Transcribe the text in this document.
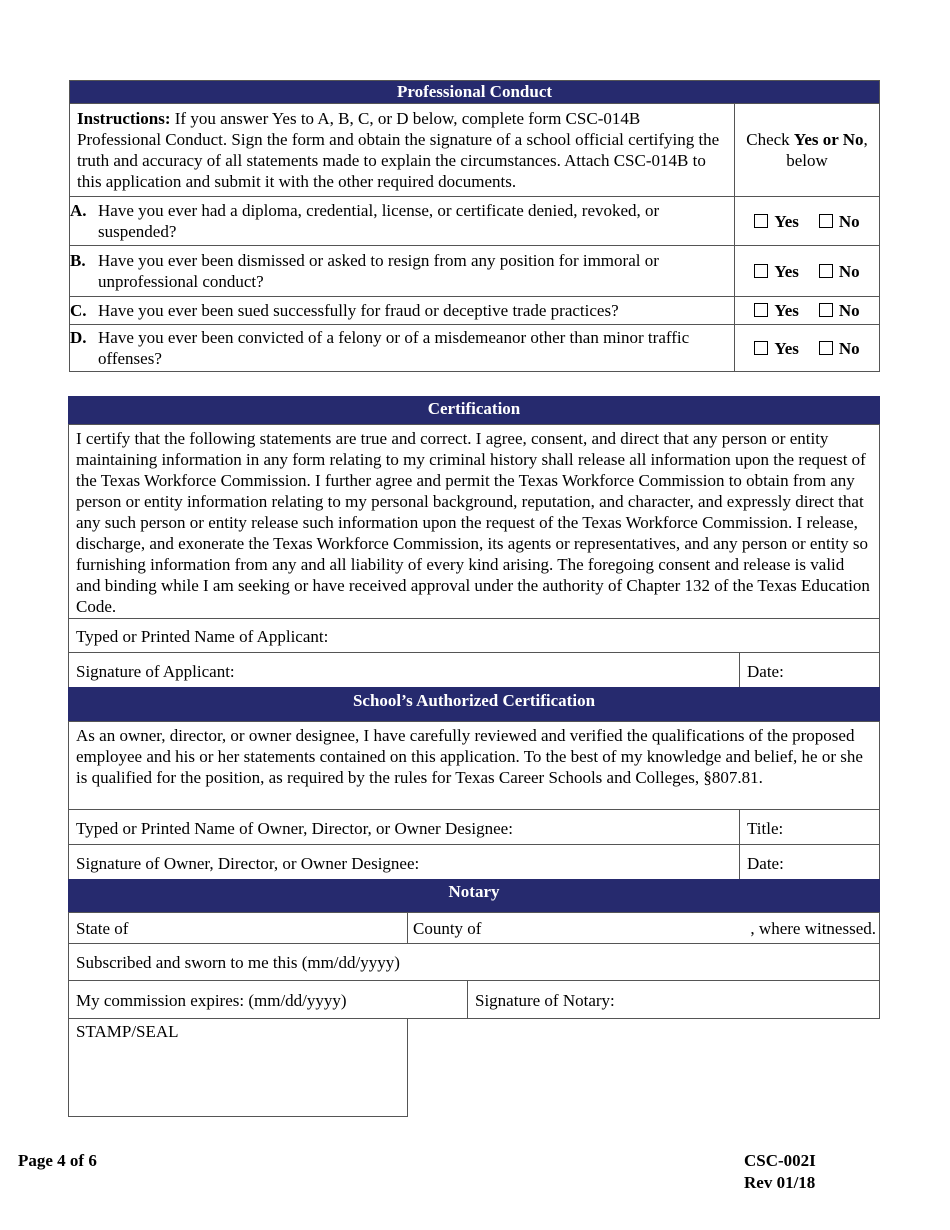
Professional Conduct	
Instructions: If you answer Yes to A, B, C, or D below, complete form CSC-014B Professional Conduct. Sign the form and obtain the signature of a school official certifying the truth and accuracy of all statements made to explain the circumstances. Attach CSC-014B to this application and submit it with the other required documents.	Check Yes or No, below

A. Have you ever had a diploma, credential, license, or certificate denied, revoked, or suspended?	Yes No

B. Have you ever been dismissed or asked to resign from any position for immoral or unprofessional conduct?	Yes No

C. Have you ever been sued successfully for fraud or deceptive trade practices?	Yes No

D. Have you ever been convicted of a felony or of a misdemeanor other than minor traffic offenses?	Yes No
Certification
I certify that the following statements are true and correct. I agree, consent, and direct that any person or entity maintaining information in any form relating to my criminal history shall release all information upon the request of the Texas Workforce Commission. I further agree and permit the Texas Workforce Commission to obtain from any person or entity information relating to my personal background, reputation, and character, and expressly direct that any such person or entity release such information upon the request of the Texas Workforce Commission. I release, discharge, and exonerate the Texas Workforce Commission, its agents or representatives, and any person or entity so furnishing information from any and all liability of every kind arising. The foregoing consent and release is valid and binding while I am seeking or have received approval under the authority of Chapter 132 of the Texas Education Code.
Typed or Printed Name of Applicant:
Signature of Applicant:	Date:
School’s Authorized Certification
As an owner, director, or owner designee, I have carefully reviewed and verified the qualifications of the proposed employee and his or her statements contained on this application. To the best of my knowledge and belief, he or she is qualified for the position, as required by the rules for Texas Career Schools and Colleges, §807.81.
Typed or Printed Name of Owner, Director, or Owner Designee:	Title:
Signature of Owner, Director, or Owner Designee:	Date:
Notary
State of	County of	, where witnessed.
Subscribed and sworn to me this (mm/dd/yyyy)
My commission expires: (mm/dd/yyyy)	Signature of Notary:
STAMP/SEAL
Page 4 of 6	CSC-002I
Rev 01/18
